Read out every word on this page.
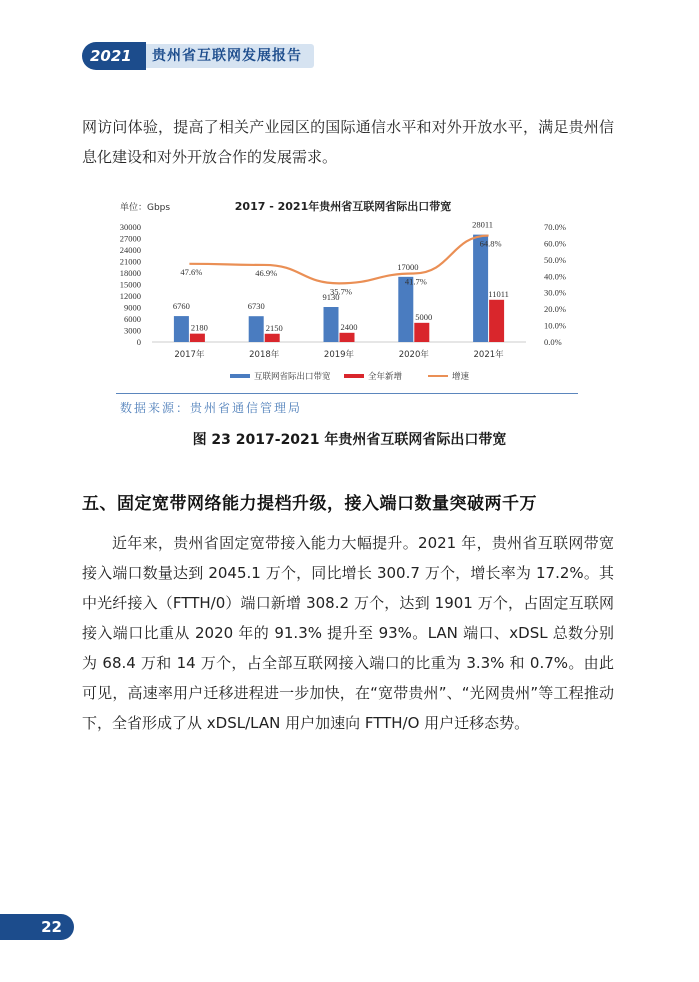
2021年
贵州省互联网发展报告
网访问体验，提高了相关产业园区的国际通信水平和对外开放水平，满足贵州信息化建设和对外开放合作的发展需求。
单位：Gbps	2017 - 2021年贵州省互联网省际出口带宽
30000
27000
24000
21000
18000
15000
12000
9000
6000
3000
0
70.0%
60.0%
50.0%
40.0%
30.0%
20.0%
10.0%
0.0%
6760	6730
9130
17000
28011
2180	2150	2400
5000
11011
47.6%	46.9%
35.7%
41.7%
64.8%
2017年	2018年	2019年	2020年	2021年
互联网省际出口带宽	全年新增	增速
数据来源：贵州省通信管理局
图 23 2017-2021 年贵州省互联网省际出口带宽
五、固定宽带网络能力提档升级，接入端口数量突破两千万
近年来，贵州省固定宽带接入能力大幅提升。2021 年，贵州省互联网带宽接入端口数量达到 2045.1 万个，同比增长 300.7 万个，增长率为 17.2%。其中光纤接入（FTTH/0）端口新增 308.2 万个，达到 1901 万个，占固定互联网接入端口比重从 2020 年的 91.3% 提升至 93%。LAN 端口、xDSL 总数分别为 68.4 万和 14 万个，占全部互联网接入端口的比重为 3.3% 和 0.7%。由此可见，高速率用户迁移进程进一步加快，在“宽带贵州”、“光网贵州”等工程推动下，全省形成了从 xDSL/LAN 用户加速向 FTTH/O 用户迁移态势。
22
